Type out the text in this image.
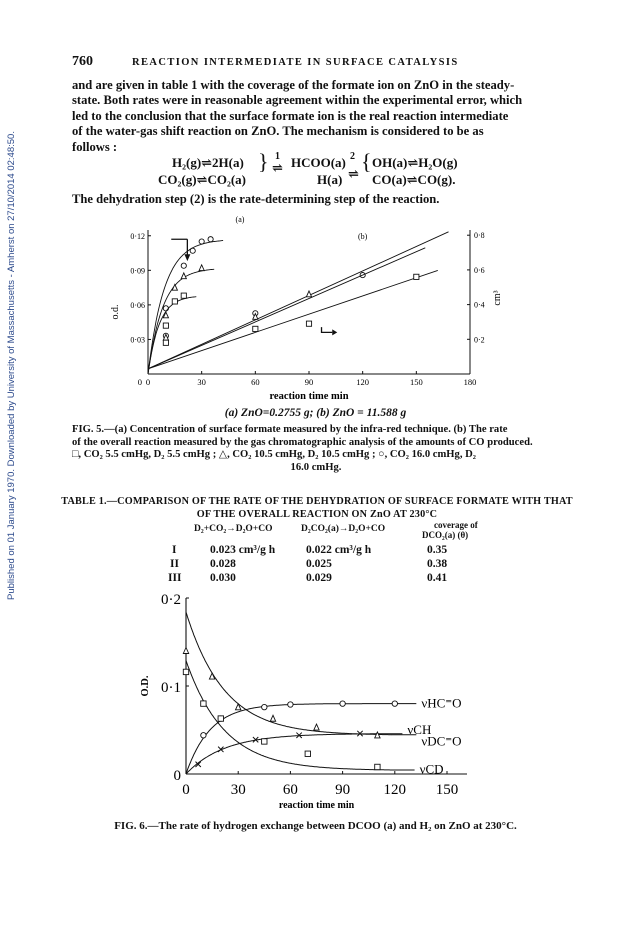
Published on 01 January 1970. Downloaded by University of Massachusetts - Amherst on 27/10/2014 02:48:50.
760	REACTION INTERMEDIATE IN SURFACE CATALYSIS
and are given in table 1 with the coverage of the formate ion on ZnO in the steady-
state. Both rates were in reasonable agreement within the experimental error, which
led to the conclusion that the surface formate ion is the real reaction intermediate
of the water-gas shift reaction on ZnO. The mechanism is considered to be as
follows :
H₂(g)⇌2H(a)
CO₂(g)⇌CO₂(a)
} 1
⇌ HCOO(a) 2
⇌
H(a)
{ OH(a)⇌H₂O(g)
CO(a)⇌CO(g).
The dehydration step (2) is the rate-determining step of the reaction.
0	30	60	90	120	150	180
0·03
0·06
0·09
0·12
0·2
0·4
0·6
0·8
0
reaction time min
o.d.
cm³
(a)
(b)
(a) ZnO=0.2755 g; (b) ZnO = 11.588 g
FIG. 5.—(a) Concentration of surface formate measured by the infra-red technique. (b) The rate
of the overall reaction measured by the gas chromatographic analysis of the amounts of CO produced.
□, CO₂ 5.5 cmHg, D₂ 5.5 cmHg ; △, CO₂ 10.5 cmHg, D₂ 10.5 cmHg ; ○, CO₂ 16.0 cmHg, D₂
16.0 cmHg.
TABLE 1.—COMPARISON OF THE RATE OF THE DEHYDRATION OF SURFACE FORMATE WITH THAT
OF THE OVERALL REACTION ON ZnO AT 230°C
D₂+CO₂→D₂O+CO	D₂CO₂(a)→D₂O+CO	coverage of
DCO₂(a) (θ)
I	0.023 cm³/g h	0.022 cm³/g h	0.35
II	0.028	0.025	0.38
III 0.030	0.029	0.41
0	30 60 90 120 150
0
0·1
0·2
reaction time min
O.D.
νHC⁼O
νCH
νDC⁼O
νCD
FIG. 6.—The rate of hydrogen exchange between DCOO (a) and H₂ on ZnO at 230°C.
